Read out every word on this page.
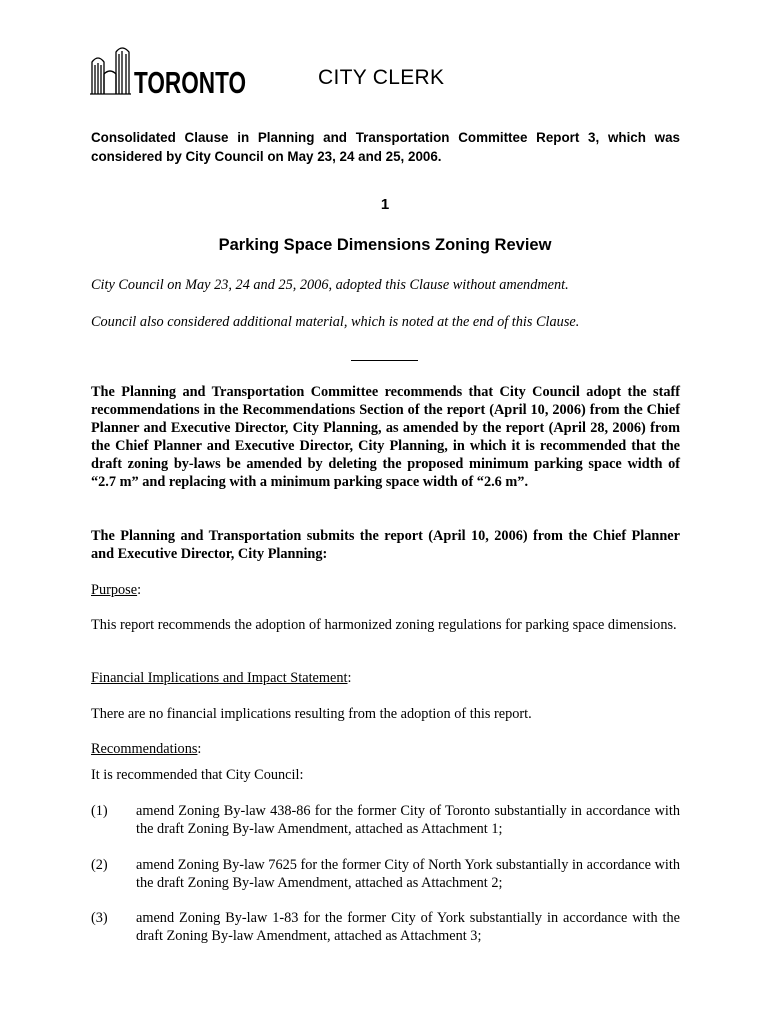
TORONTO	CITY CLERK
Consolidated Clause in Planning and Transportation Committee Report 3, which was considered by City Council on May 23, 24 and 25, 2006.
1
Parking Space Dimensions Zoning Review
City Council on May 23, 24 and 25, 2006, adopted this Clause without amendment.
Council also considered additional material, which is noted at the end of this Clause.
The Planning and Transportation Committee recommends that City Council adopt the staff recommendations in the Recommendations Section of the report (April 10, 2006) from the Chief Planner and Executive Director, City Planning, as amended by the report (April 28, 2006) from the Chief Planner and Executive Director, City Planning, in which it is recommended that the draft zoning by-laws be amended by deleting the proposed minimum parking space width of “2.7 m” and replacing with a minimum parking space width of “2.6 m”.
The Planning and Transportation submits the report (April 10, 2006) from the Chief Planner and Executive Director, City Planning:
Purpose:
This report recommends the adoption of harmonized zoning regulations for parking space dimensions.
Financial Implications and Impact Statement:
There are no financial implications resulting from the adoption of this report.
Recommendations:
It is recommended that City Council:
(1) amend Zoning By-law 438-86 for the former City of Toronto substantially in accordance with the draft Zoning By-law Amendment, attached as Attachment 1;
(2) amend Zoning By-law 7625 for the former City of North York substantially in accordance with the draft Zoning By-law Amendment, attached as Attachment 2;
(3) amend Zoning By-law 1-83 for the former City of York substantially in accordance with the draft Zoning By-law Amendment, attached as Attachment 3;
